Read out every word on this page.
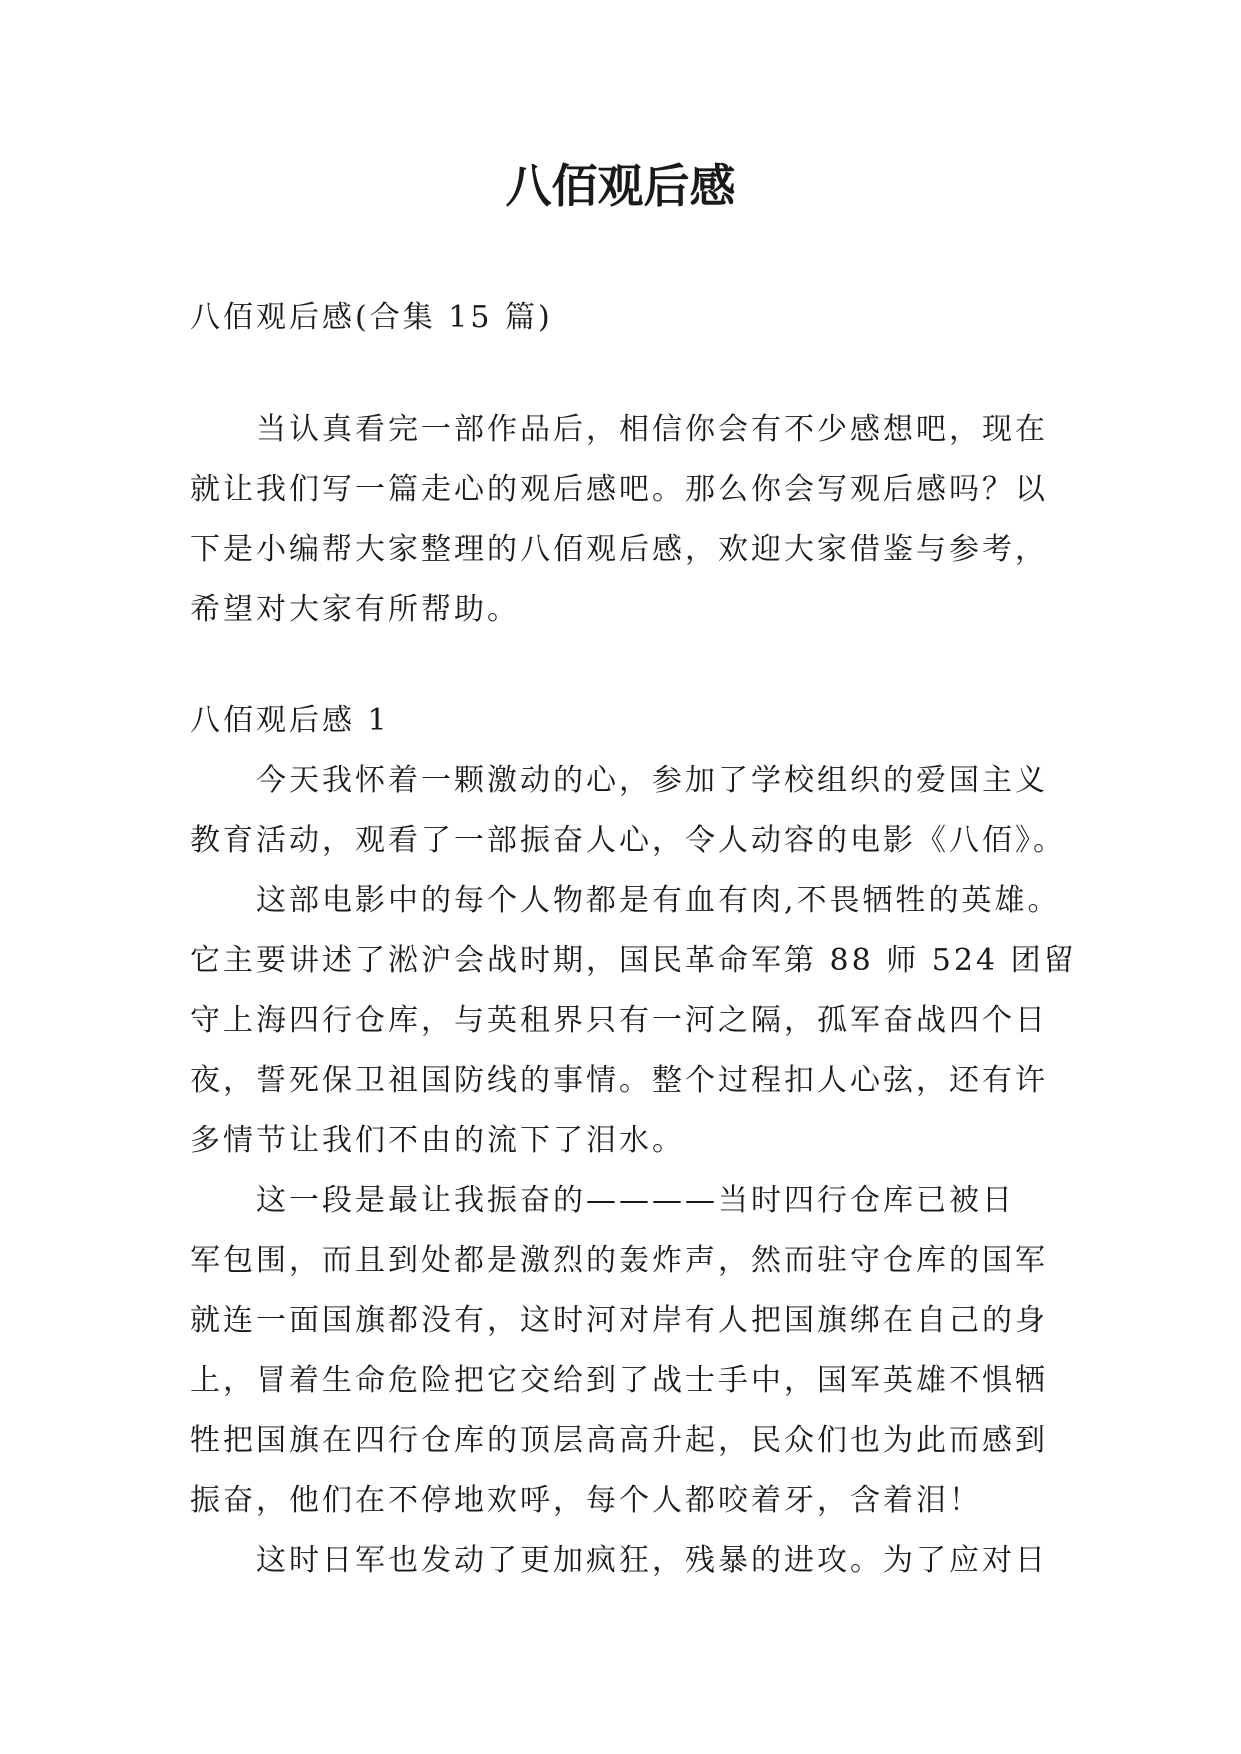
八佰观后感
八佰观后感(合集 15 篇)
当认真看完一部作品后，相信你会有不少感想吧，现在
就让我们写一篇走心的观后感吧。那么你会写观后感吗？以
下是小编帮大家整理的八佰观后感，欢迎大家借鉴与参考，
希望对大家有所帮助。
八佰观后感 1
今天我怀着一颗激动的心，参加了学校组织的爱国主义
教育活动，观看了一部振奋人心，令人动容的电影《八佰》。
这部电影中的每个人物都是有血有肉,不畏牺牲的英雄。
它主要讲述了淞沪会战时期，国民革命军第 88 师 524 团留
守上海四行仓库，与英租界只有一河之隔，孤军奋战四个日
夜，誓死保卫祖国防线的事情。整个过程扣人心弦，还有许
多情节让我们不由的流下了泪水。
这一段是最让我振奋的————当时四行仓库已被日
军包围，而且到处都是激烈的轰炸声，然而驻守仓库的国军
就连一面国旗都没有，这时河对岸有人把国旗绑在自己的身
上，冒着生命危险把它交给到了战士手中，国军英雄不惧牺
牲把国旗在四行仓库的顶层高高升起，民众们也为此而感到
振奋，他们在不停地欢呼，每个人都咬着牙，含着泪！
这时日军也发动了更加疯狂，残暴的进攻。为了应对日
